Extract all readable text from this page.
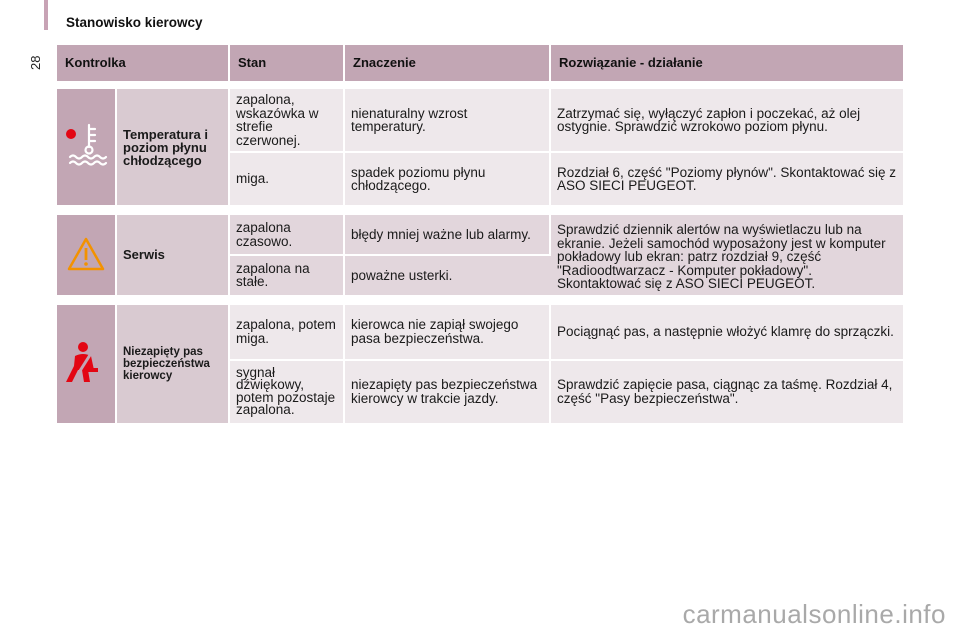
28
Stanowisko kierowcy
Kontrolka		Stan	Znaczenie	Rozwiązanie - działanie

	Temperatura i poziom płynu chłodzącego	zapalona, wskazówka w strefie czerwonej.	nienaturalny wzrost temperatury.	Zatrzymać się, wyłączyć zapłon i poczekać, aż olej ostygnie. Sprawdzić wzrokowo poziom płynu.
		miga.	spadek poziomu płynu chłodzącego.	Rozdział 6, część "Poziomy płynów". Skontaktować się z ASO SIECI PEUGEOT.

	Serwis	zapalona czasowo.	błędy mniej ważne lub alarmy.	Sprawdzić dziennik alertów na wyświetlaczu lub na ekranie. Jeżeli samochód wyposażony jest w komputer pokładowy lub ekran: patrz rozdział 9, część "Radioodtwarzacz - Komputer pokładowy". Skontaktować się z ASO SIECI PEUGEOT.
		zapalona na stałe.	poważne usterki.	

	Niezapięty pas bezpieczeństwa kierowcy	zapalona, potem miga.	kierowca nie zapiął swojego pasa bezpieczeństwa.	Pociągnąć pas, a następnie włożyć klamrę do sprzączki.
		sygnał dźwiękowy, potem pozostaje zapalona.	niezapięty pas bezpieczeństwa kierowcy w trakcie jazdy.	Sprawdzić zapięcie pasa, ciągnąc za taśmę. Rozdział 4, część "Pasy bezpieczeństwa".
carmanualsonline.info
